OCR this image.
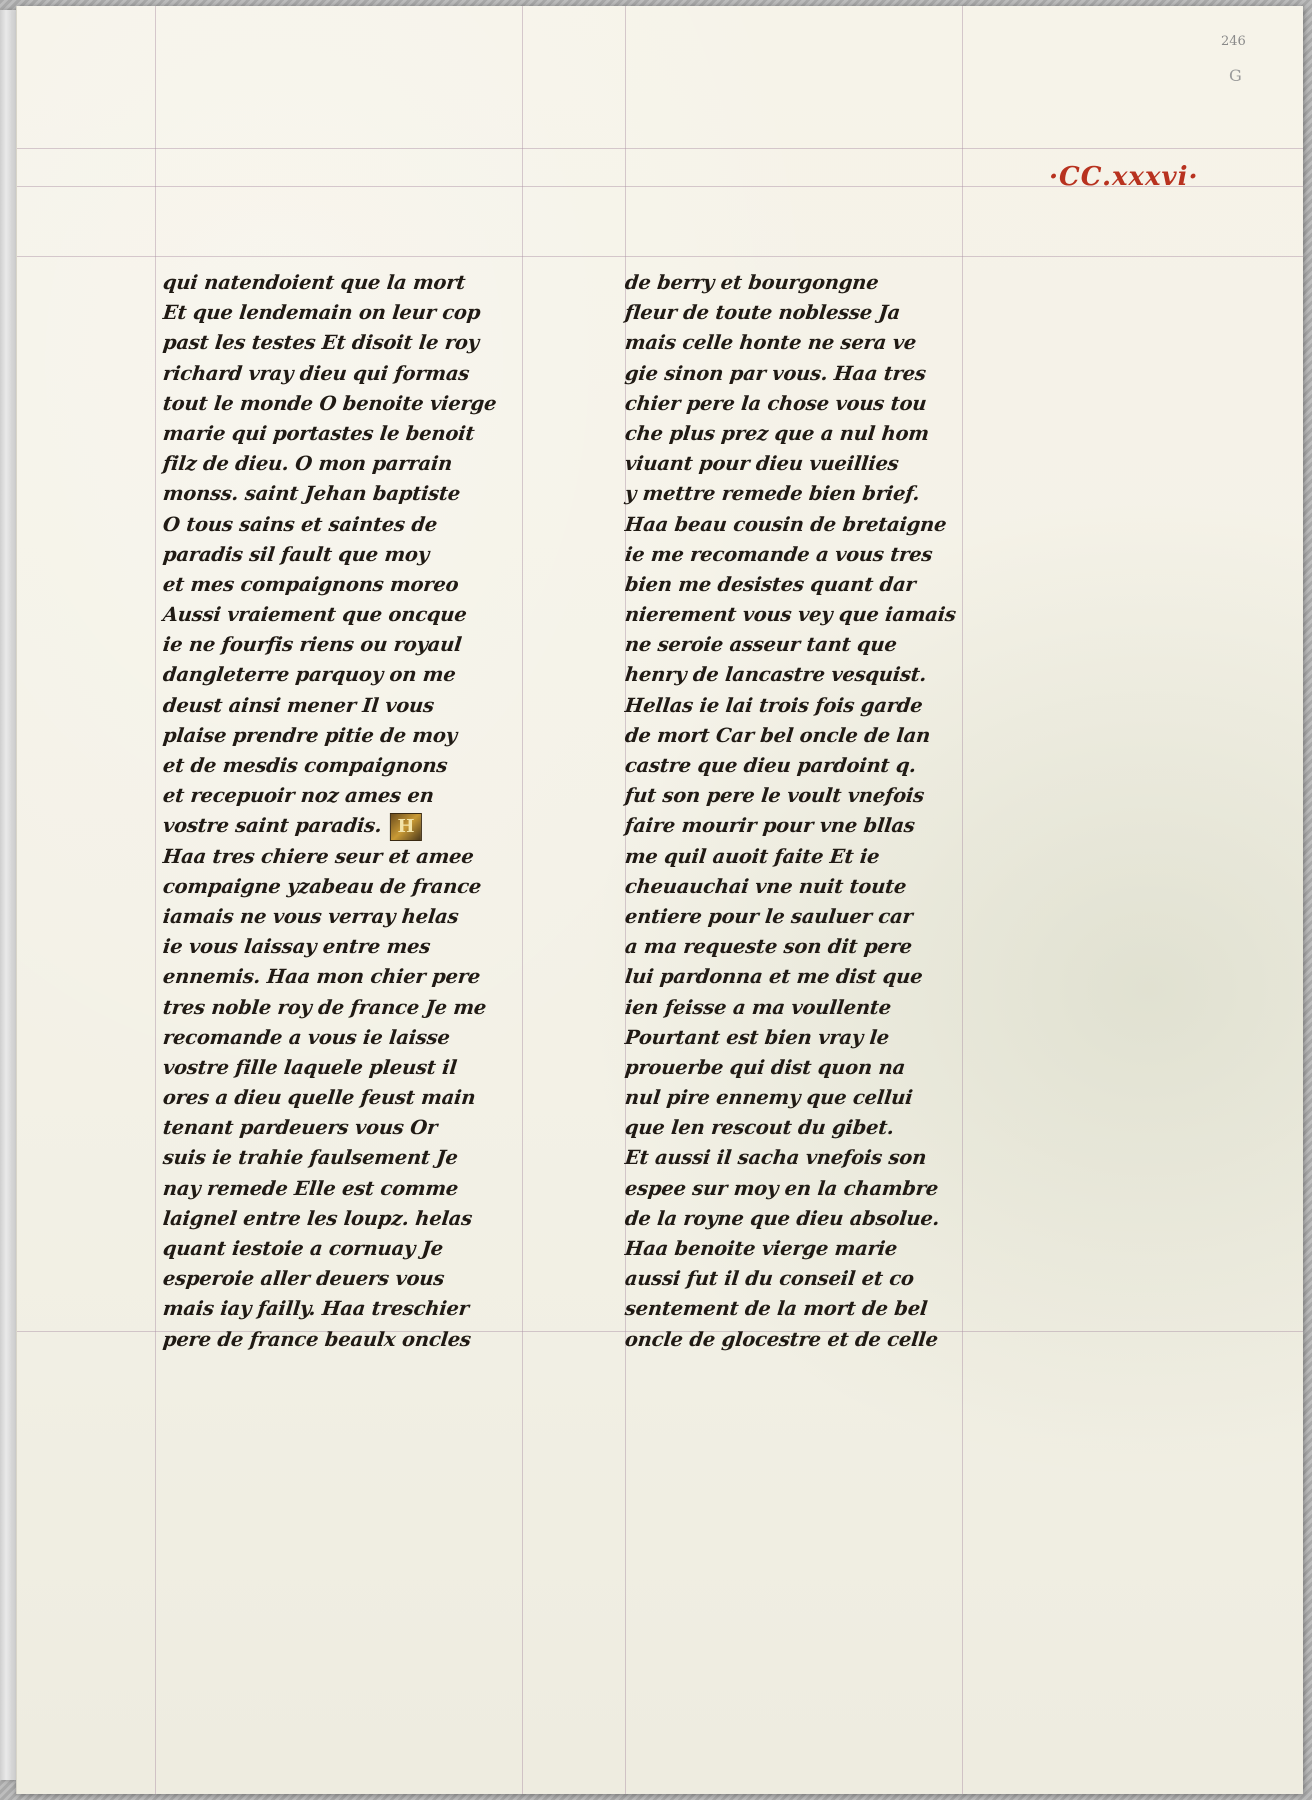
246
G
·CC.xxxvi·
qui natendoient que la mort
Et que lendemain on leur cop
past les testes Et disoit le roy
richard vray dieu qui formas
tout le monde O benoite vierge
marie qui portastes le benoit
filz de dieu. O mon parrain
monss. saint Jehan baptiste
O tous sains et saintes de
paradis sil fault que moy
et mes compaignons moreo
Aussi vraiement que oncque
ie ne fourfis riens ou royaul
dangleterre parquoy on me
deust ainsi mener Il vous
plaise prendre pitie de moy
et de mesdis compaignons
et recepuoir noz ames en
vostre saint paradis. H
Haa tres chiere seur et amee
compaigne yzabeau de france
iamais ne vous verray helas
ie vous laissay entre mes
ennemis. Haa mon chier pere
tres noble roy de france Je me
recomande a vous ie laisse
vostre fille laquele pleust il
ores a dieu quelle feust main
tenant pardeuers vous Or
suis ie trahie faulsement Je
nay remede Elle est comme
laignel entre les loupz. helas
quant iestoie a cornuay Je
esperoie aller deuers vous
mais iay failly. Haa treschier
pere de france beaulx oncles
de berry et bourgongne
fleur de toute noblesse Ja
mais celle honte ne sera ve
gie sinon par vous. Haa tres
chier pere la chose vous tou
che plus prez que a nul hom
viuant pour dieu vueillies
y mettre remede bien brief.
Haa beau cousin de bretaigne
ie me recomande a vous tres
bien me desistes quant dar
nierement vous vey que iamais
ne seroie asseur tant que
henry de lancastre vesquist.
Hellas ie lai trois fois garde
de mort Car bel oncle de lan
castre que dieu pardoint q.
fut son pere le voult vnefois
faire mourir pour vne bllas
me quil auoit faite Et ie
cheuauchai vne nuit toute
entiere pour le sauluer car
a ma requeste son dit pere
lui pardonna et me dist que
ien feisse a ma voullente
Pourtant est bien vray le
prouerbe qui dist quon na
nul pire ennemy que cellui
que len rescout du gibet.
Et aussi il sacha vnefois son
espee sur moy en la chambre
de la royne que dieu absolue.
Haa benoite vierge marie
aussi fut il du conseil et co
sentement de la mort de bel
oncle de glocestre et de celle
